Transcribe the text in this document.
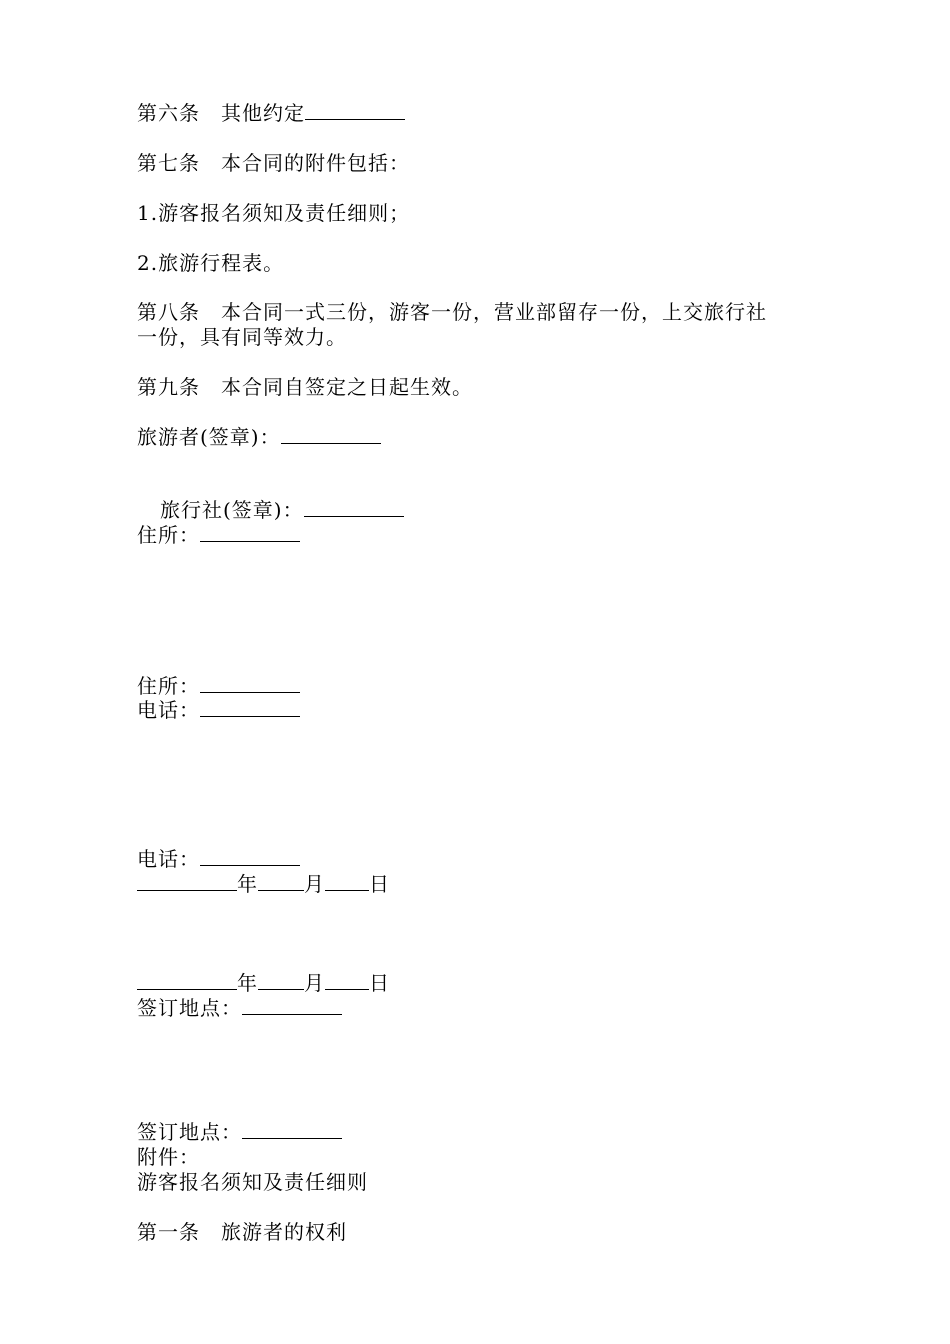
第六条　其他约定
第七条　本合同的附件包括：
1.游客报名须知及责任细则；
2.旅游行程表。
第八条　本合同一式三份，游客一份，营业部留存一份，上交旅行社
一份，具有同等效力。
第九条　本合同自签定之日起生效。
旅游者(签章)：
旅行社(签章)：
住所：
住所：
电话：
电话：
年 月 日
年 月 日
签订地点：
签订地点：
附件：
游客报名须知及责任细则
第一条　旅游者的权利
